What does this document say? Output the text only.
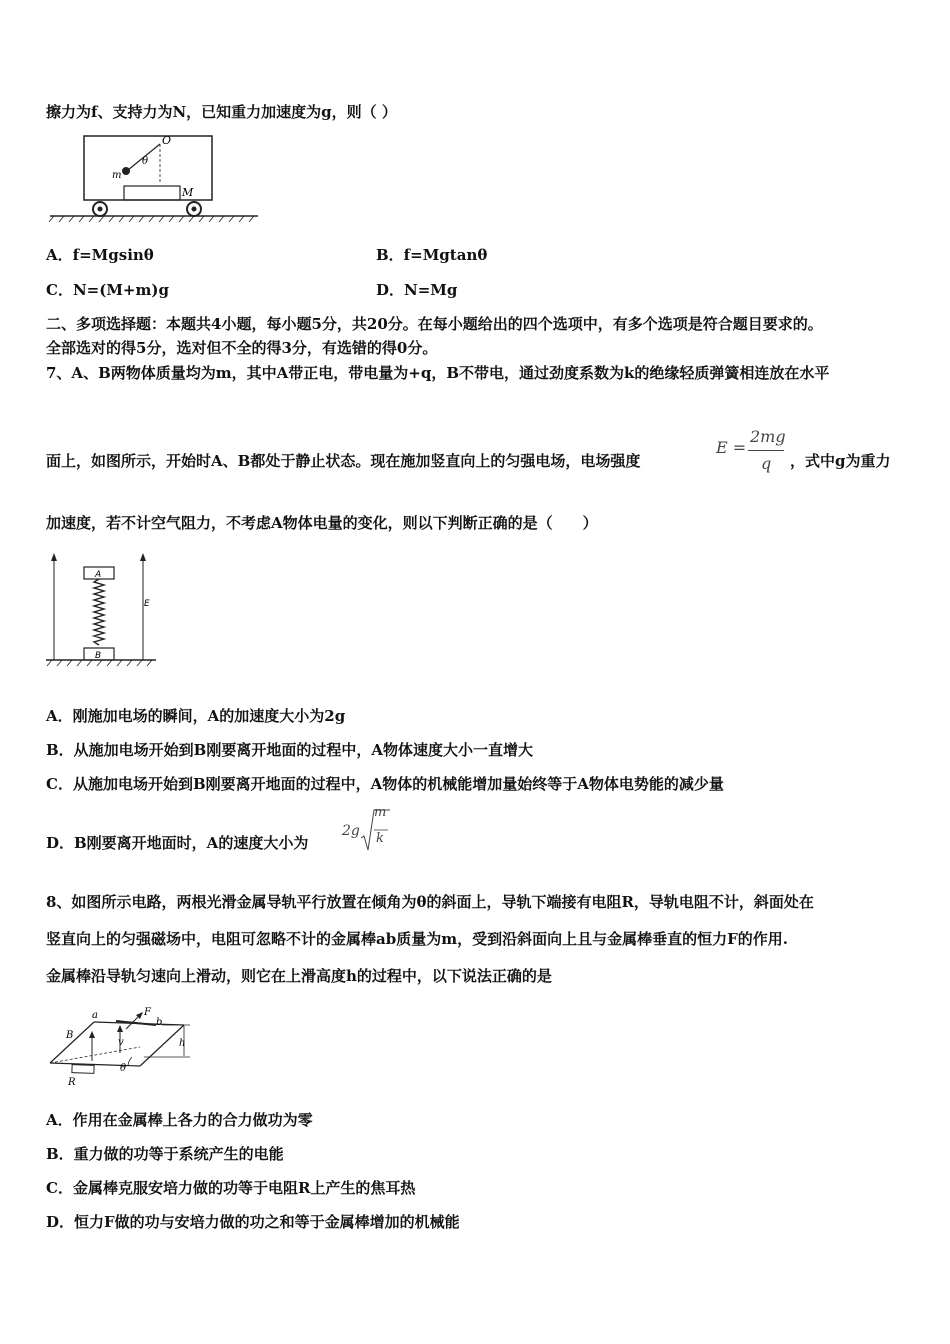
擦力为f、支持力为N，已知重力加速度为g，则（ ）
O
θ
m
M
A．f=Mgsinθ	B．f=Mgtanθ
C．N=(M+m)g	D．N=Mg
二、多项选择题：本题共4小题，每小题5分，共20分。在每小题给出的四个选项中，有多个选项是符合题目要求的。
全部选对的得5分，选对但不全的得3分，有选错的得0分。
7、A、B两物体质量均为m，其中A带正电，带电量为+q，B不带电，通过劲度系数为k的绝缘轻质弹簧相连放在水平
面上，如图所示，开始时A、B都处于静止状态。现在施加竖直向上的匀强电场，电场强度
E =
2mg
q ，式中g为重力
加速度，若不计空气阻力，不考虑A物体电量的变化，则以下判断正确的是（　　）
A
B
E
A．刚施加电场的瞬间，A的加速度大小为2g
B．从施加电场开始到B刚要离开地面的过程中，A物体速度大小一直增大
C．从施加电场开始到B刚要离开地面的过程中，A物体的机械能增加量始终等于A物体电势能的减少量
D．B刚要离开地面时，A的速度大小为
2g
m
k
8、如图所示电路，两根光滑金属导轨平行放置在倾角为θ的斜面上，导轨下端接有电阻R，导轨电阻不计，斜面处在
竖直向上的匀强磁场中，电阻可忽略不计的金属棒ab质量为m，受到沿斜面向上且与金属棒垂直的恒力F的作用.
金属棒沿导轨匀速向上滑动，则它在上滑高度h的过程中，以下说法正确的是
a	F
b
B
v	h
R
θ
A．作用在金属棒上各力的合力做功为零
B．重力做的功等于系统产生的电能
C．金属棒克服安培力做的功等于电阻R上产生的焦耳热
D．恒力F做的功与安培力做的功之和等于金属棒增加的机械能
